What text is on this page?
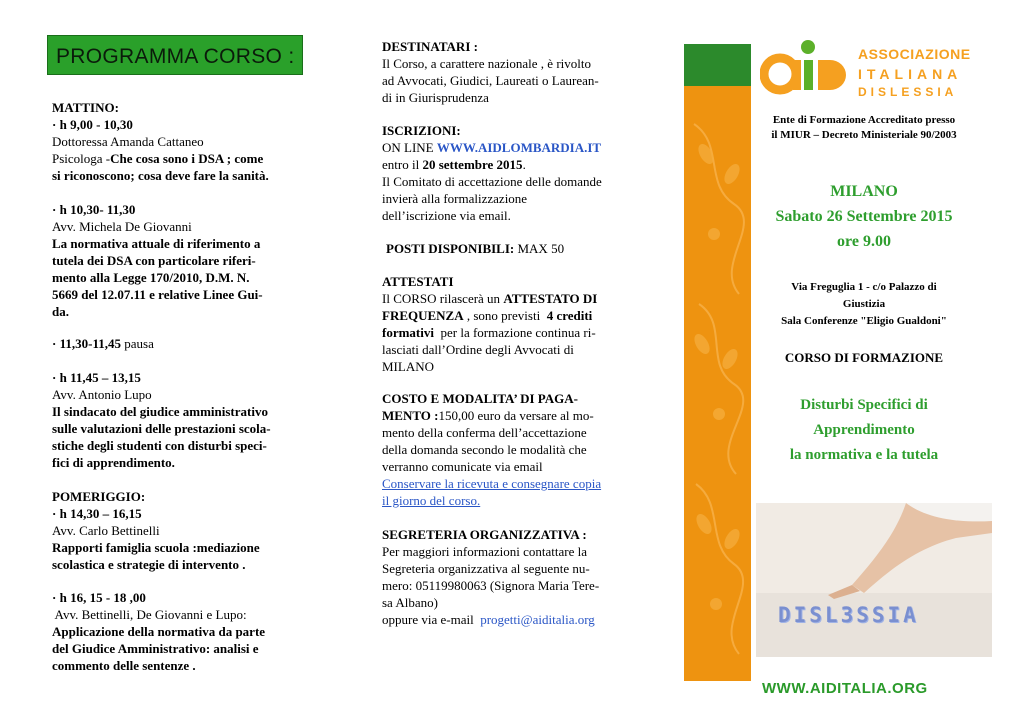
PROGRAMMA CORSO :

MATTINO:

· h 9,00 - 10,30

Dottoressa Amanda Cattaneo

Psicologa -Che cosa sono i DSA ; come

si riconoscono; cosa deve fare la sanità.

· h 10,30- 11,30

Avv. Michela De Giovanni

La normativa attuale di riferimento a

tutela dei DSA con particolare riferi-

mento alla Legge 170/2010, D.M. N.

5669 del 12.07.11 e relative Linee Gui-

da.

· 11,30-11,45 pausa

· h 11,45 – 13,15

Avv. Antonio Lupo

Il sindacato del giudice amministrativo

sulle valutazioni delle prestazioni scola-

stiche degli studenti con disturbi speci-

fici di apprendimento.

POMERIGGIO:

· h 14,30 – 16,15

Avv. Carlo Bettinelli

Rapporti famiglia scuola :mediazione

scolastica e strategie di intervento .

· h 16, 15 - 18 ,00

Avv. Bettinelli, De Giovanni e Lupo:

Applicazione della normativa da parte

del Giudice Amministrativo: analisi e

commento delle sentenze .

DESTINATARI :

Il Corso, a carattere nazionale , è rivolto

ad Avvocati, Giudici, Laureati o Laurean-

di in Giurisprudenza

ISCRIZIONI:

ON LINE WWW.AIDLOMBARDIA.IT

entro il 20 settembre 2015.

Il Comitato di accettazione delle domande

invierà alla formalizzazione

dell’iscrizione via email.

POSTI DISPONIBILI: MAX 50

ATTESTATI

Il CORSO rilascerà un ATTESTATO DI

FREQUENZA , sono previsti  4 crediti

formativi  per la formazione continua ri-

lasciati dall’Ordine degli Avvocati di

MILANO

COSTO E MODALITA’ DI PAGA-

MENTO :150,00 euro da versare al mo-

mento della conferma dell’accettazione

della domanda secondo le modalità che

verranno comunicate via email

Conservare la ricevuta e consegnare copia

il giorno del corso.

SEGRETERIA ORGANIZZATIVA :

Per maggiori informazioni contattare la

Segreteria organizzativa al seguente nu-

mero: 05119980063 (Signora Maria Tere-

sa Albano)

oppure via e-mail  progetti@aiditalia.org

ASSOCIAZIONE
ITALIANA
DISLESSIA
Ente di Formazione Accreditato presso
il MIUR – Decreto Ministeriale 90/2003
MILANO
Sabato 26 Settembre 2015
ore 9.00
Via Freguglia 1 - c/o Palazzo di
Giustizia
Sala Conferenze "Eligio Gualdoni"
CORSO DI FORMAZIONE
Disturbi Specifici di
Apprendimento
la normativa e la tutela
DISL3SSIA
WWW.AIDITALIA.ORG
